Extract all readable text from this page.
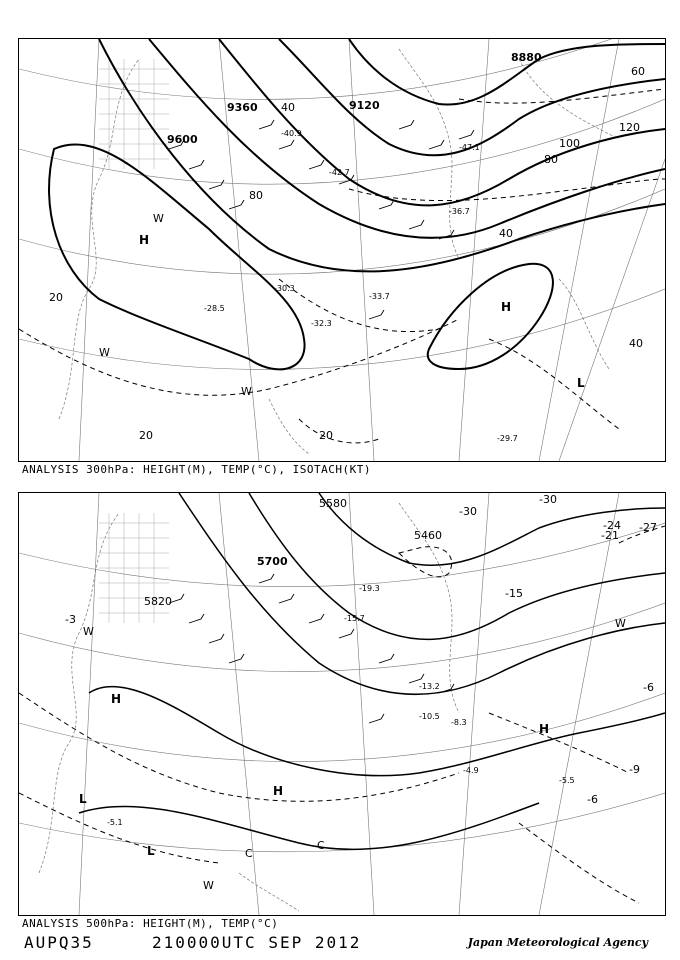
9600
9360	9120
8880
20
20	20
40
40
40
60
80
80
100
120
H
H
L
W
W
W
-32.3
-29.7
-33.7
-36.7
-42.7
-47.1
-30.3
-28.5
-40.9
ANALYSIS 300hPa: HEIGHT(M), TEMP(°C), ISOTACH(KT)
5820
5700
5580
5460
-3
-6
-6
-9
-15
-21
-24 -27
-30
-30
-4.9
-5.5
-13.2
-15.7
-10.5
-8.3
-19.3
-5.1
H
H
H
L
L
W
W
W
C
C
ANALYSIS 500hPa: HEIGHT(M), TEMP(°C)
AUPQ35	210000UTC SEP 2012	Japan Meteorological Agency
